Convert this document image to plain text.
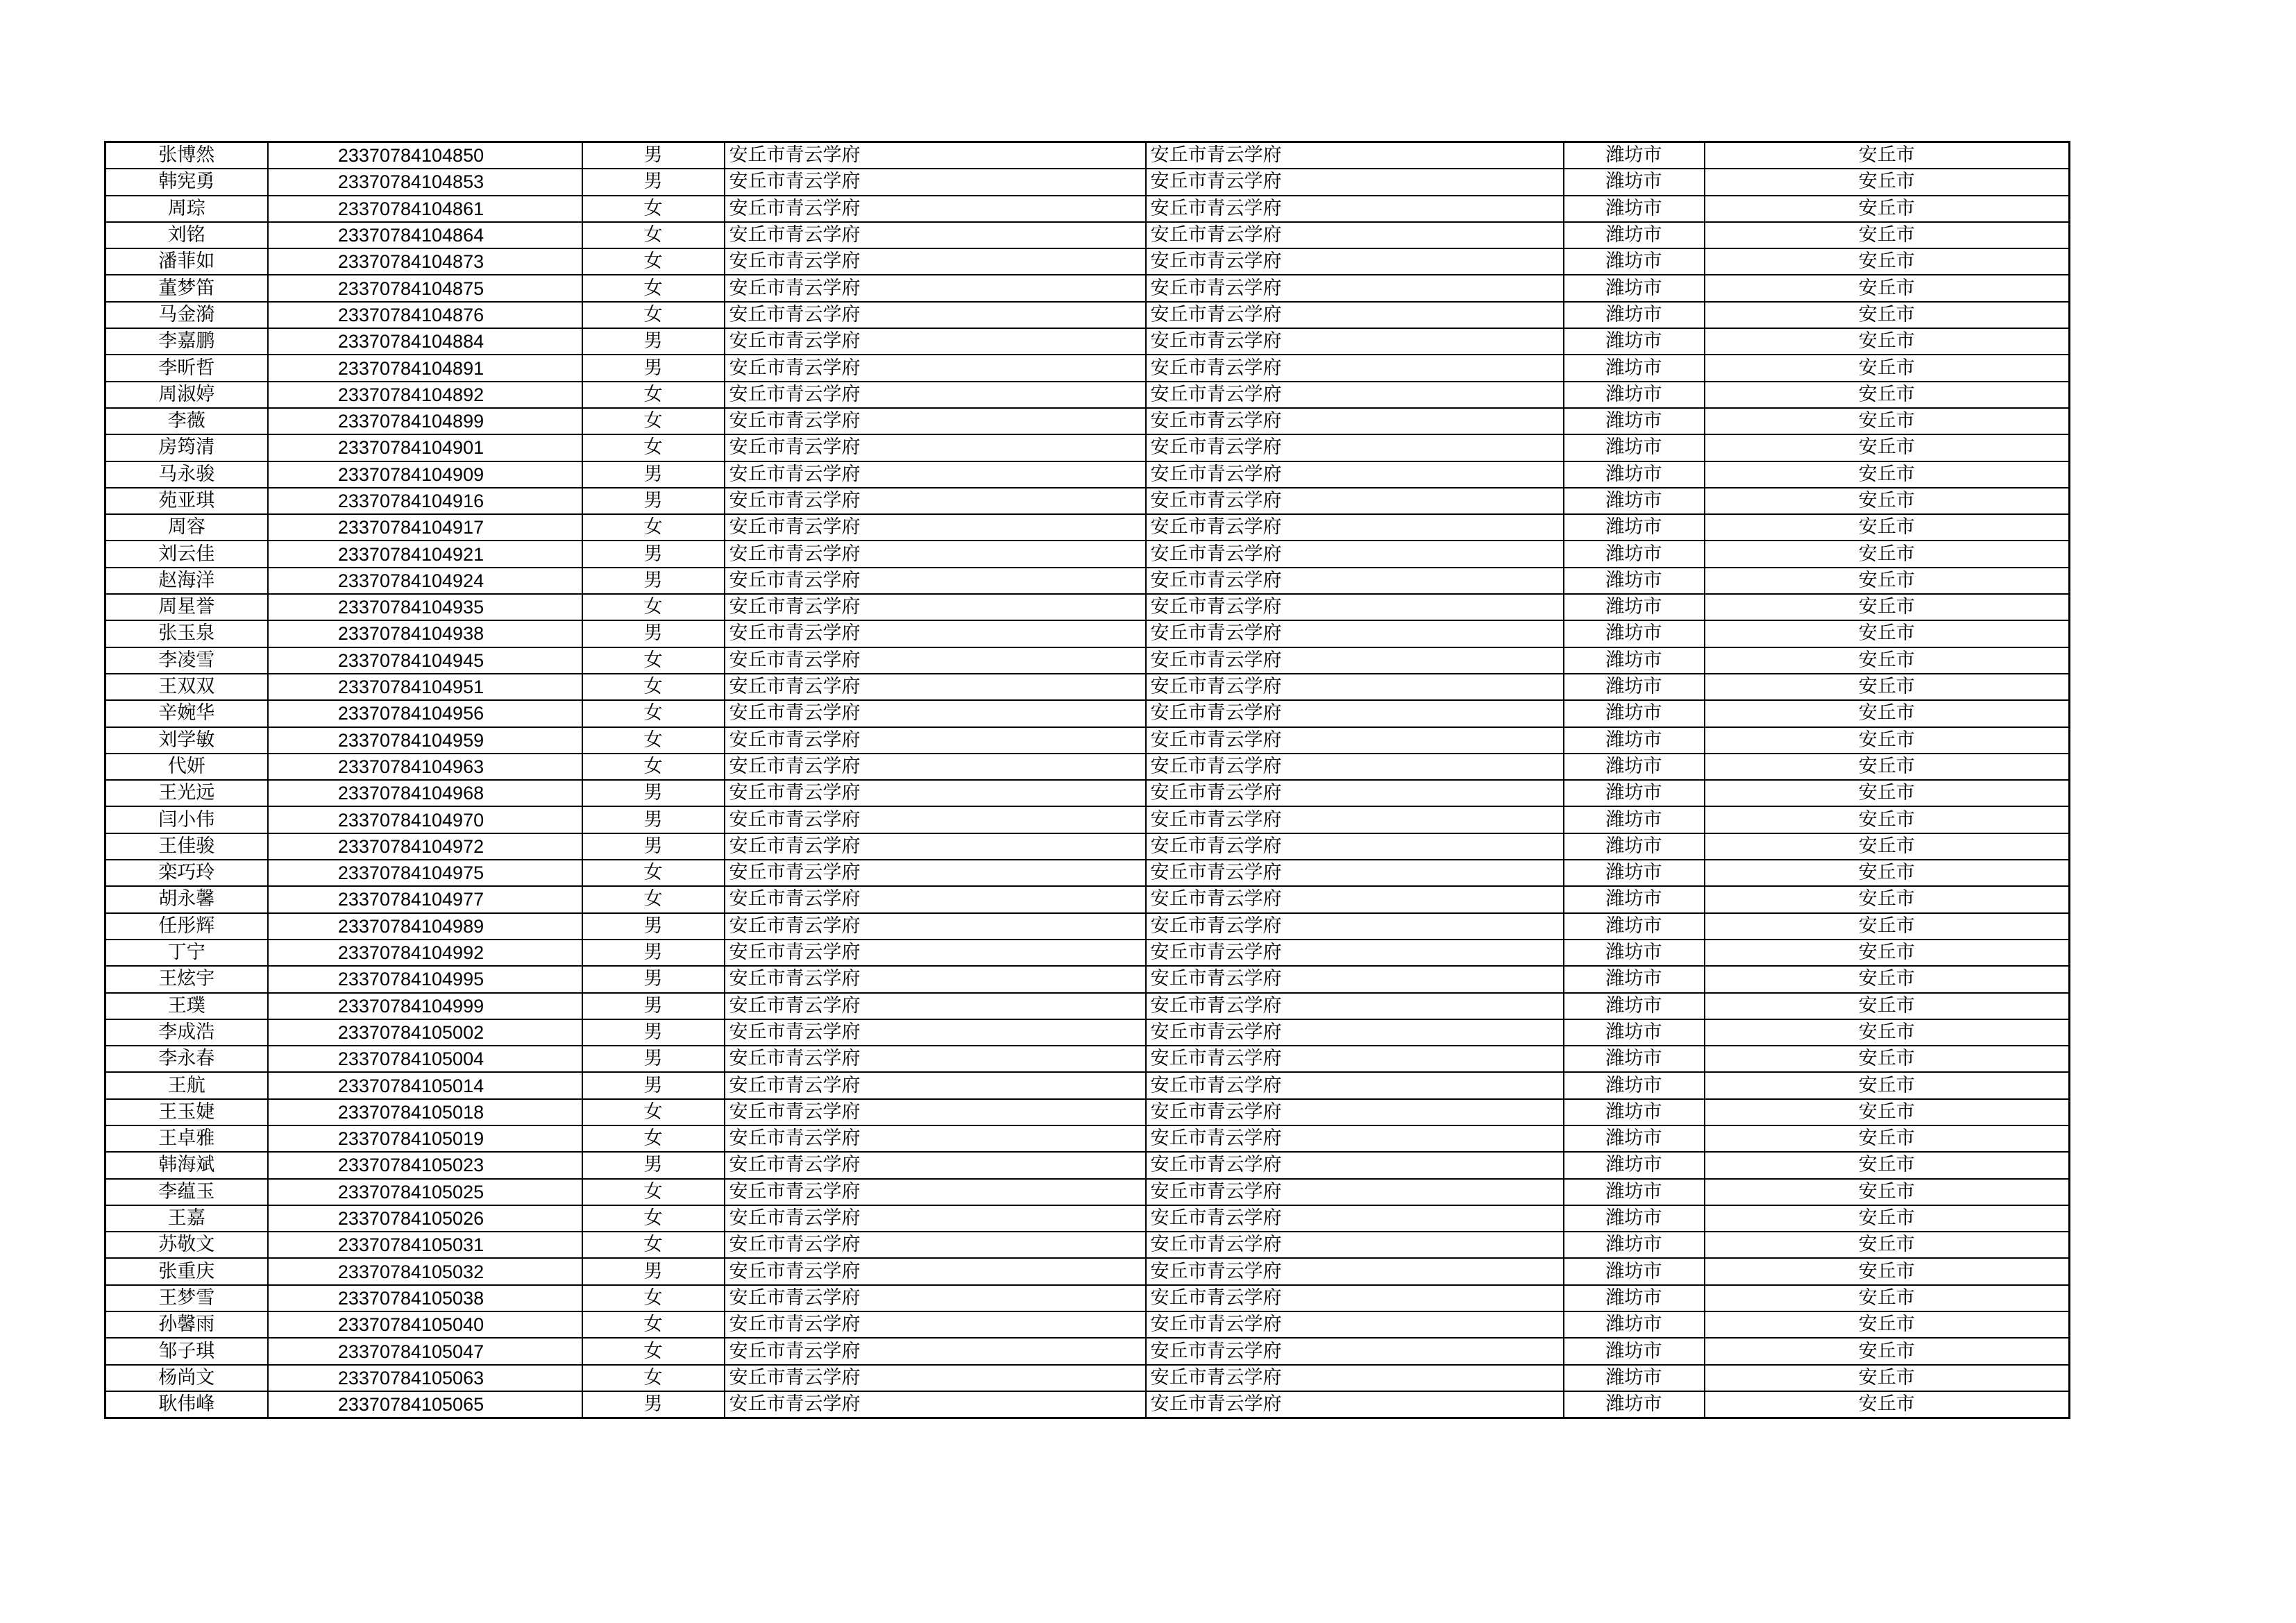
张博然	23370784104850	男	安丘市青云学府	安丘市青云学府	潍坊市	安丘市
韩宪勇	23370784104853	男	安丘市青云学府	安丘市青云学府	潍坊市	安丘市
周琮	23370784104861	女	安丘市青云学府	安丘市青云学府	潍坊市	安丘市
刘铭	23370784104864	女	安丘市青云学府	安丘市青云学府	潍坊市	安丘市
潘菲如	23370784104873	女	安丘市青云学府	安丘市青云学府	潍坊市	安丘市
董梦笛	23370784104875	女	安丘市青云学府	安丘市青云学府	潍坊市	安丘市
马金漪	23370784104876	女	安丘市青云学府	安丘市青云学府	潍坊市	安丘市
李嘉鹏	23370784104884	男	安丘市青云学府	安丘市青云学府	潍坊市	安丘市
李昕哲	23370784104891	男	安丘市青云学府	安丘市青云学府	潍坊市	安丘市
周淑婷	23370784104892	女	安丘市青云学府	安丘市青云学府	潍坊市	安丘市
李薇	23370784104899	女	安丘市青云学府	安丘市青云学府	潍坊市	安丘市
房筠清	23370784104901	女	安丘市青云学府	安丘市青云学府	潍坊市	安丘市
马永骏	23370784104909	男	安丘市青云学府	安丘市青云学府	潍坊市	安丘市
苑亚琪	23370784104916	男	安丘市青云学府	安丘市青云学府	潍坊市	安丘市
周容	23370784104917	女	安丘市青云学府	安丘市青云学府	潍坊市	安丘市
刘云佳	23370784104921	男	安丘市青云学府	安丘市青云学府	潍坊市	安丘市
赵海洋	23370784104924	男	安丘市青云学府	安丘市青云学府	潍坊市	安丘市
周星誉	23370784104935	女	安丘市青云学府	安丘市青云学府	潍坊市	安丘市
张玉泉	23370784104938	男	安丘市青云学府	安丘市青云学府	潍坊市	安丘市
李凌雪	23370784104945	女	安丘市青云学府	安丘市青云学府	潍坊市	安丘市
王双双	23370784104951	女	安丘市青云学府	安丘市青云学府	潍坊市	安丘市
辛婉华	23370784104956	女	安丘市青云学府	安丘市青云学府	潍坊市	安丘市
刘学敏	23370784104959	女	安丘市青云学府	安丘市青云学府	潍坊市	安丘市
代妍	23370784104963	女	安丘市青云学府	安丘市青云学府	潍坊市	安丘市
王光远	23370784104968	男	安丘市青云学府	安丘市青云学府	潍坊市	安丘市
闫小伟	23370784104970	男	安丘市青云学府	安丘市青云学府	潍坊市	安丘市
王佳骏	23370784104972	男	安丘市青云学府	安丘市青云学府	潍坊市	安丘市
栾巧玲	23370784104975	女	安丘市青云学府	安丘市青云学府	潍坊市	安丘市
胡永馨	23370784104977	女	安丘市青云学府	安丘市青云学府	潍坊市	安丘市
任彤辉	23370784104989	男	安丘市青云学府	安丘市青云学府	潍坊市	安丘市
丁宁	23370784104992	男	安丘市青云学府	安丘市青云学府	潍坊市	安丘市
王炫宇	23370784104995	男	安丘市青云学府	安丘市青云学府	潍坊市	安丘市
王璞	23370784104999	男	安丘市青云学府	安丘市青云学府	潍坊市	安丘市
李成浩	23370784105002	男	安丘市青云学府	安丘市青云学府	潍坊市	安丘市
李永春	23370784105004	男	安丘市青云学府	安丘市青云学府	潍坊市	安丘市
王航	23370784105014	男	安丘市青云学府	安丘市青云学府	潍坊市	安丘市
王玉婕	23370784105018	女	安丘市青云学府	安丘市青云学府	潍坊市	安丘市
王卓雅	23370784105019	女	安丘市青云学府	安丘市青云学府	潍坊市	安丘市
韩海斌	23370784105023	男	安丘市青云学府	安丘市青云学府	潍坊市	安丘市
李蕴玉	23370784105025	女	安丘市青云学府	安丘市青云学府	潍坊市	安丘市
王嘉	23370784105026	女	安丘市青云学府	安丘市青云学府	潍坊市	安丘市
苏敬文	23370784105031	女	安丘市青云学府	安丘市青云学府	潍坊市	安丘市
张重庆	23370784105032	男	安丘市青云学府	安丘市青云学府	潍坊市	安丘市
王梦雪	23370784105038	女	安丘市青云学府	安丘市青云学府	潍坊市	安丘市
孙馨雨	23370784105040	女	安丘市青云学府	安丘市青云学府	潍坊市	安丘市
邹子琪	23370784105047	女	安丘市青云学府	安丘市青云学府	潍坊市	安丘市
杨尚文	23370784105063	女	安丘市青云学府	安丘市青云学府	潍坊市	安丘市
耿伟峰	23370784105065	男	安丘市青云学府	安丘市青云学府	潍坊市	安丘市
